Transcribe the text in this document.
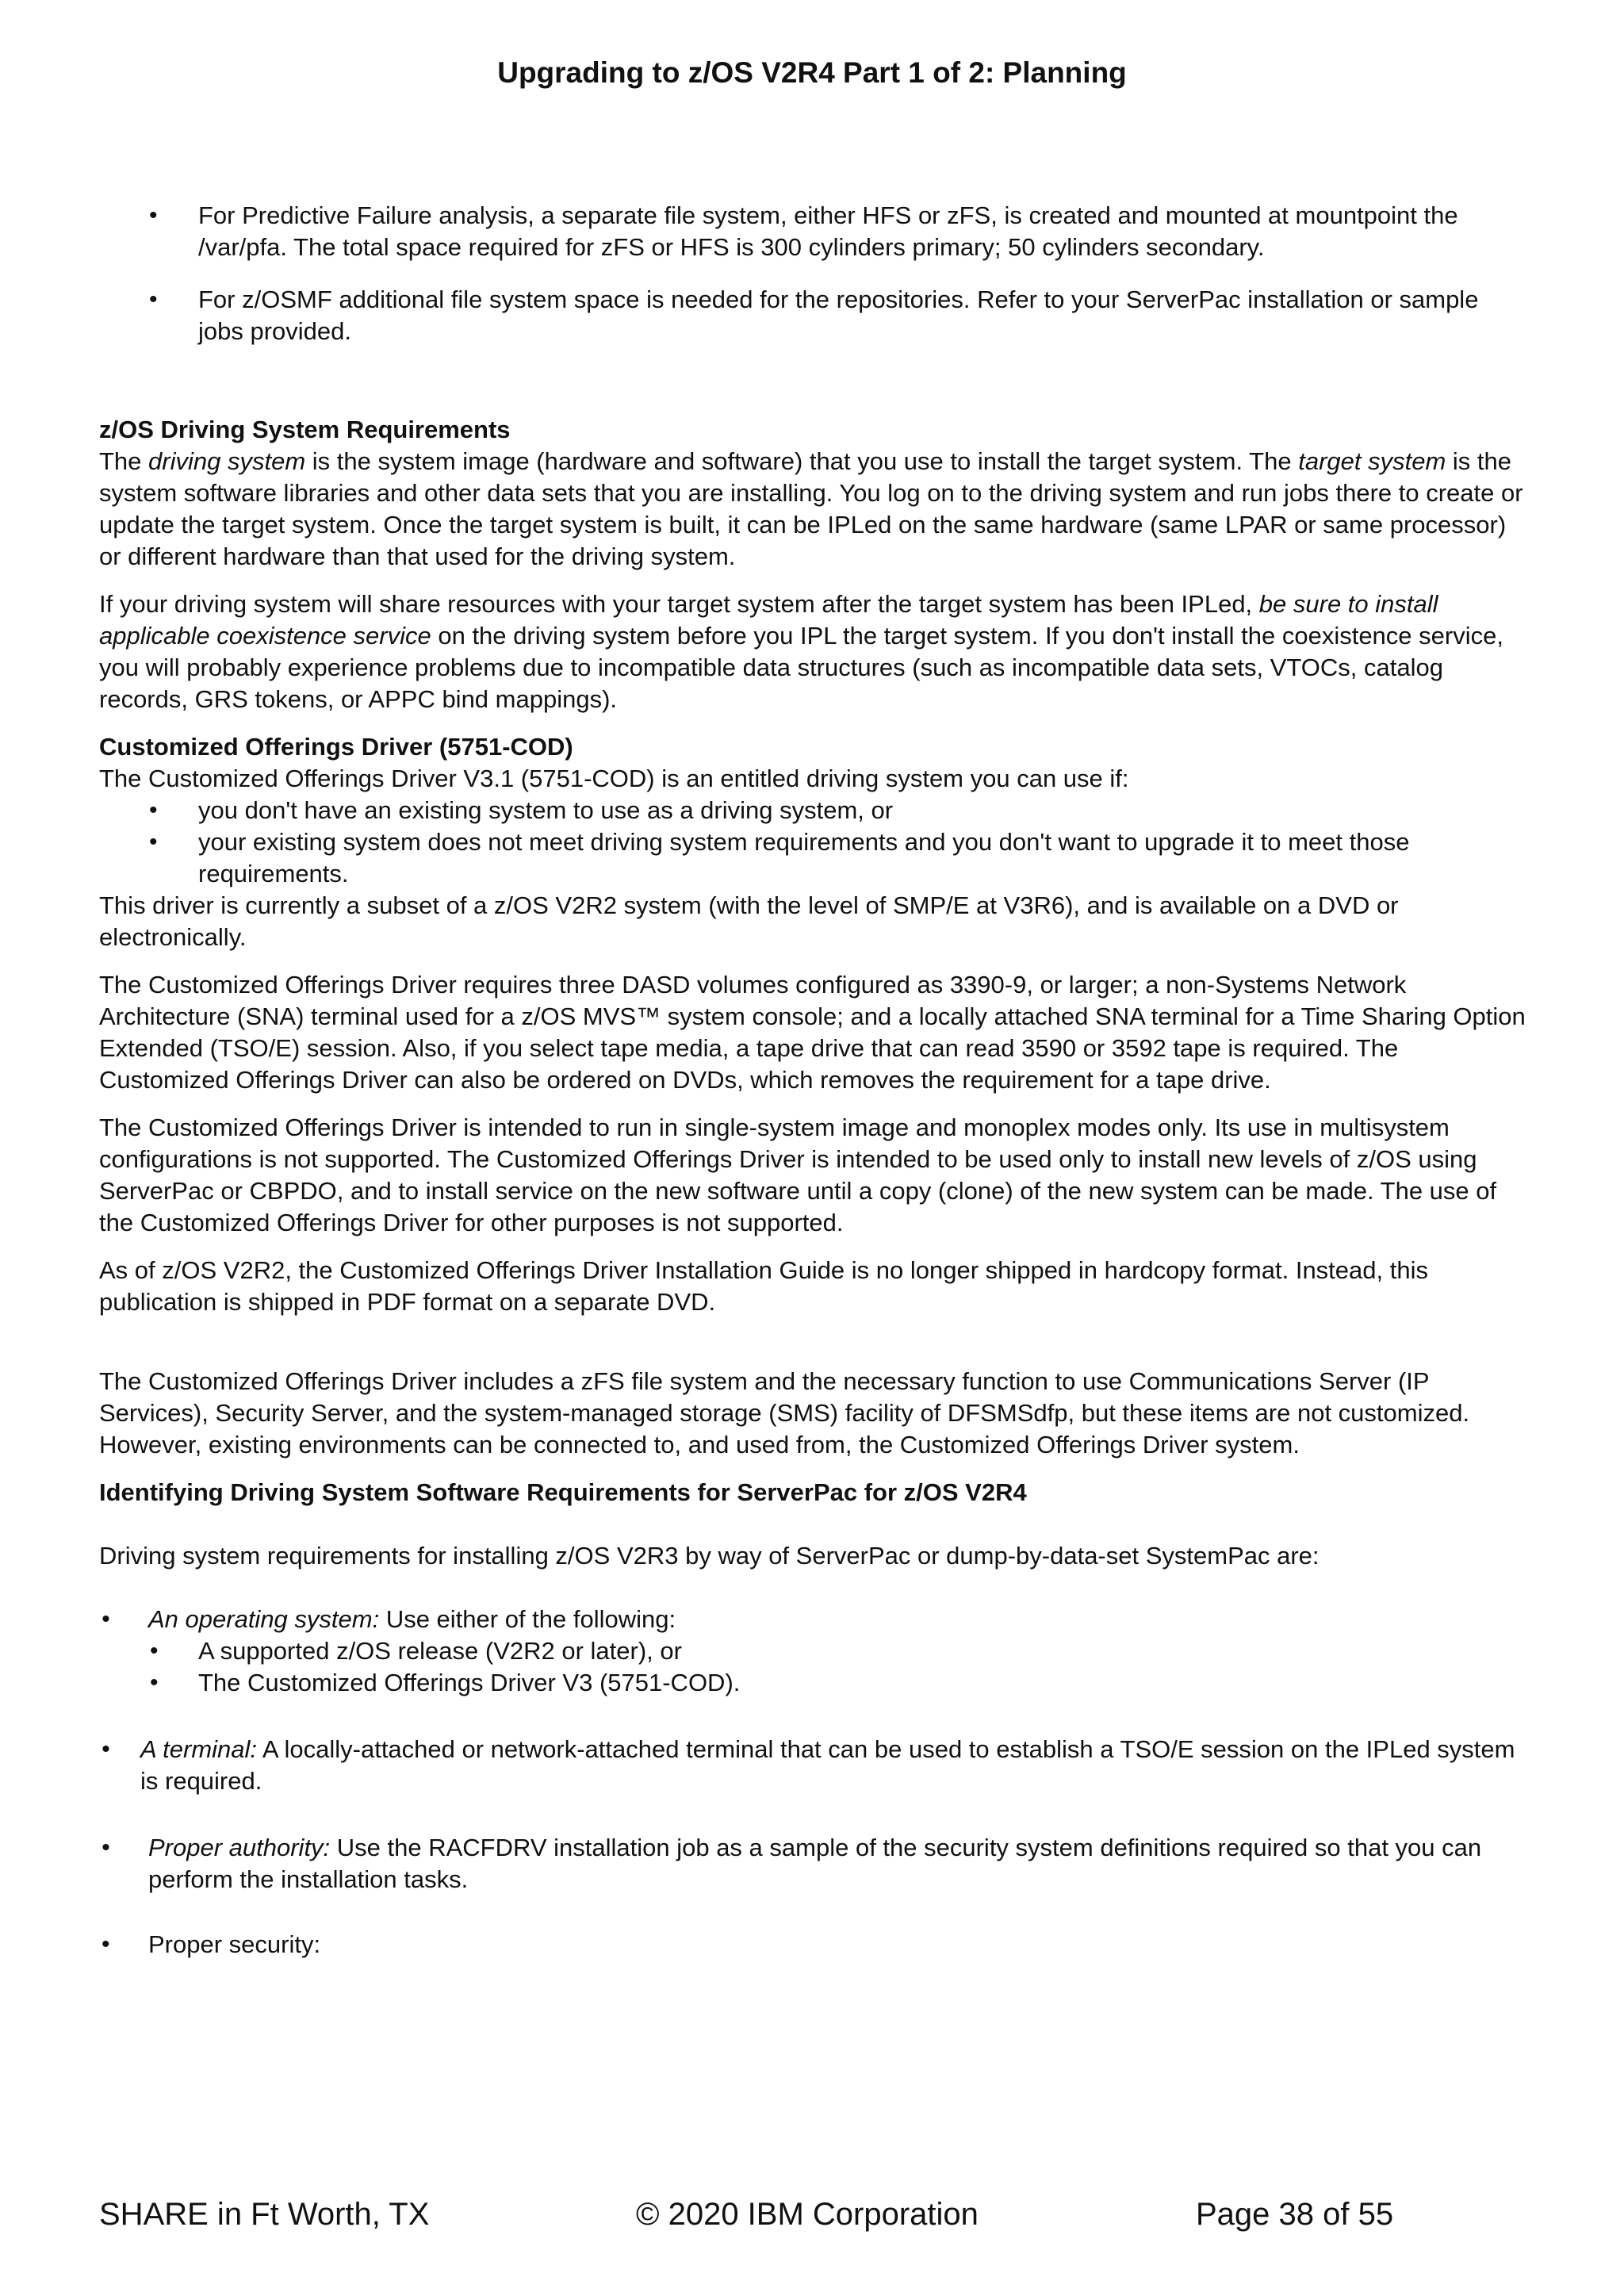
Upgrading to z/OS V2R4 Part 1 of 2: Planning
• For Predictive Failure analysis, a separate file system, either HFS or zFS, is created and mounted at mountpoint the /var/pfa. The total space required for zFS or HFS is 300 cylinders primary; 50 cylinders secondary.

• For z/OSMF additional file system space is needed for the repositories. Refer to your ServerPac installation or sample jobs provided.

z/OS Driving System Requirements

The driving system is the system image (hardware and software) that you use to install the target system. The target system is the system software libraries and other data sets that you are installing. You log on to the driving system and run jobs there to create or update the target system. Once the target system is built, it can be IPLed on the same hardware (same LPAR or same processor) or different hardware than that used for the driving system.

If your driving system will share resources with your target system after the target system has been IPLed, be sure to install applicable coexistence service on the driving system before you IPL the target system. If you don't install the coexistence service, you will probably experience problems due to incompatible data structures (such as incompatible data sets, VTOCs, catalog records, GRS tokens, or APPC bind mappings).

Customized Offerings Driver (5751-COD)

The Customized Offerings Driver V3.1 (5751-COD) is an entitled driving system you can use if:

• you don't have an existing system to use as a driving system, or

• your existing system does not meet driving system requirements and you don't want to upgrade it to meet those requirements.

This driver is currently a subset of a z/OS V2R2 system (with the level of SMP/E at V3R6), and is available on a DVD or electronically.

The Customized Offerings Driver requires three DASD volumes configured as 3390-9, or larger; a non-Systems Network Architecture (SNA) terminal used for a z/OS MVS™ system console; and a locally attached SNA terminal for a Time Sharing Option Extended (TSO/E) session. Also, if you select tape media, a tape drive that can read 3590 or 3592 tape is required. The Customized Offerings Driver can also be ordered on DVDs, which removes the requirement for a tape drive.

The Customized Offerings Driver is intended to run in single-system image and monoplex modes only. Its use in multisystem configurations is not supported. The Customized Offerings Driver is intended to be used only to install new levels of z/OS using ServerPac or CBPDO, and to install service on the new software until a copy (clone) of the new system can be made. The use of the Customized Offerings Driver for other purposes is not supported.

As of z/OS V2R2, the Customized Offerings Driver Installation Guide is no longer shipped in hardcopy format. Instead, this publication is shipped in PDF format on a separate DVD.

The Customized Offerings Driver includes a zFS file system and the necessary function to use Communications Server (IP Services), Security Server, and the system-managed storage (SMS) facility of DFSMSdfp, but these items are not customized. However, existing environments can be connected to, and used from, the Customized Offerings Driver system.

Identifying Driving System Software Requirements for ServerPac for z/OS V2R4

Driving system requirements for installing z/OS V2R3 by way of ServerPac or dump-by-data-set SystemPac are:

• An operating system: Use either of the following:

• A supported z/OS release (V2R2 or later), or

• The Customized Offerings Driver V3 (5751-COD).

• A terminal: A locally-attached or network-attached terminal that can be used to establish a TSO/E session on the IPLed system is required.

• Proper authority: Use the RACFDRV installation job as a sample of the security system definitions required so that you can perform the installation tasks.

• Proper security:

SHARE in Ft Worth, TX	© 2020 IBM Corporation	Page 38 of 55
